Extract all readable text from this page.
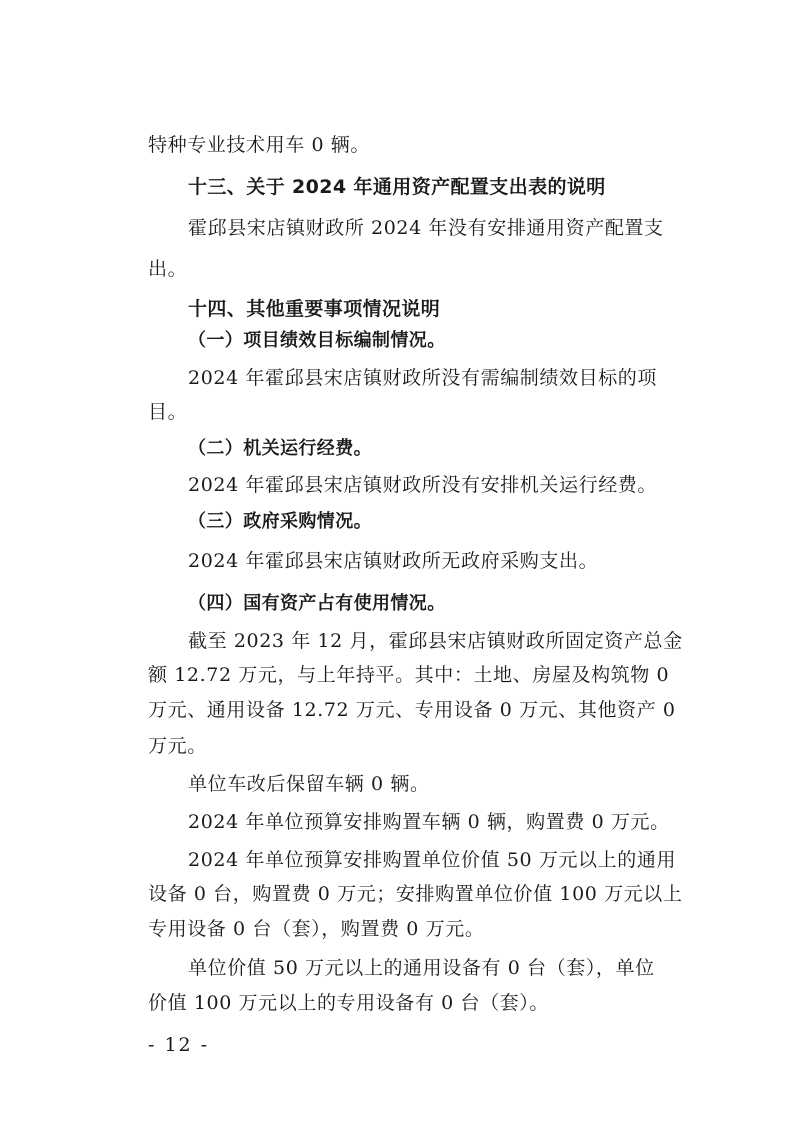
特种专业技术用车 0 辆。
十三、关于 2024 年通用资产配置支出表的说明
霍邱县宋店镇财政所 2024 年没有安排通用资产配置支
出。
十四、其他重要事项情况说明
（一）项目绩效目标编制情况。
2024 年霍邱县宋店镇财政所没有需编制绩效目标的项
目。
（二）机关运行经费。
2024 年霍邱县宋店镇财政所没有安排机关运行经费。
（三）政府采购情况。
2024 年霍邱县宋店镇财政所无政府采购支出。
（四）国有资产占有使用情况。
截至 2023 年 12 月，霍邱县宋店镇财政所固定资产总金
额 12.72 万元，与上年持平。其中：土地、房屋及构筑物 0
万元、通用设备 12.72 万元、专用设备 0 万元、其他资产 0
万元。
单位车改后保留车辆 0 辆。
2024 年单位预算安排购置车辆 0 辆，购置费 0 万元。
2024 年单位预算安排购置单位价值 50 万元以上的通用
设备 0 台，购置费 0 万元；安排购置单位价值 100 万元以上
专用设备 0 台（套），购置费 0 万元。
单位价值 50 万元以上的通用设备有 0 台（套），单位
价值 100 万元以上的专用设备有 0 台（套）。
- 12 -
